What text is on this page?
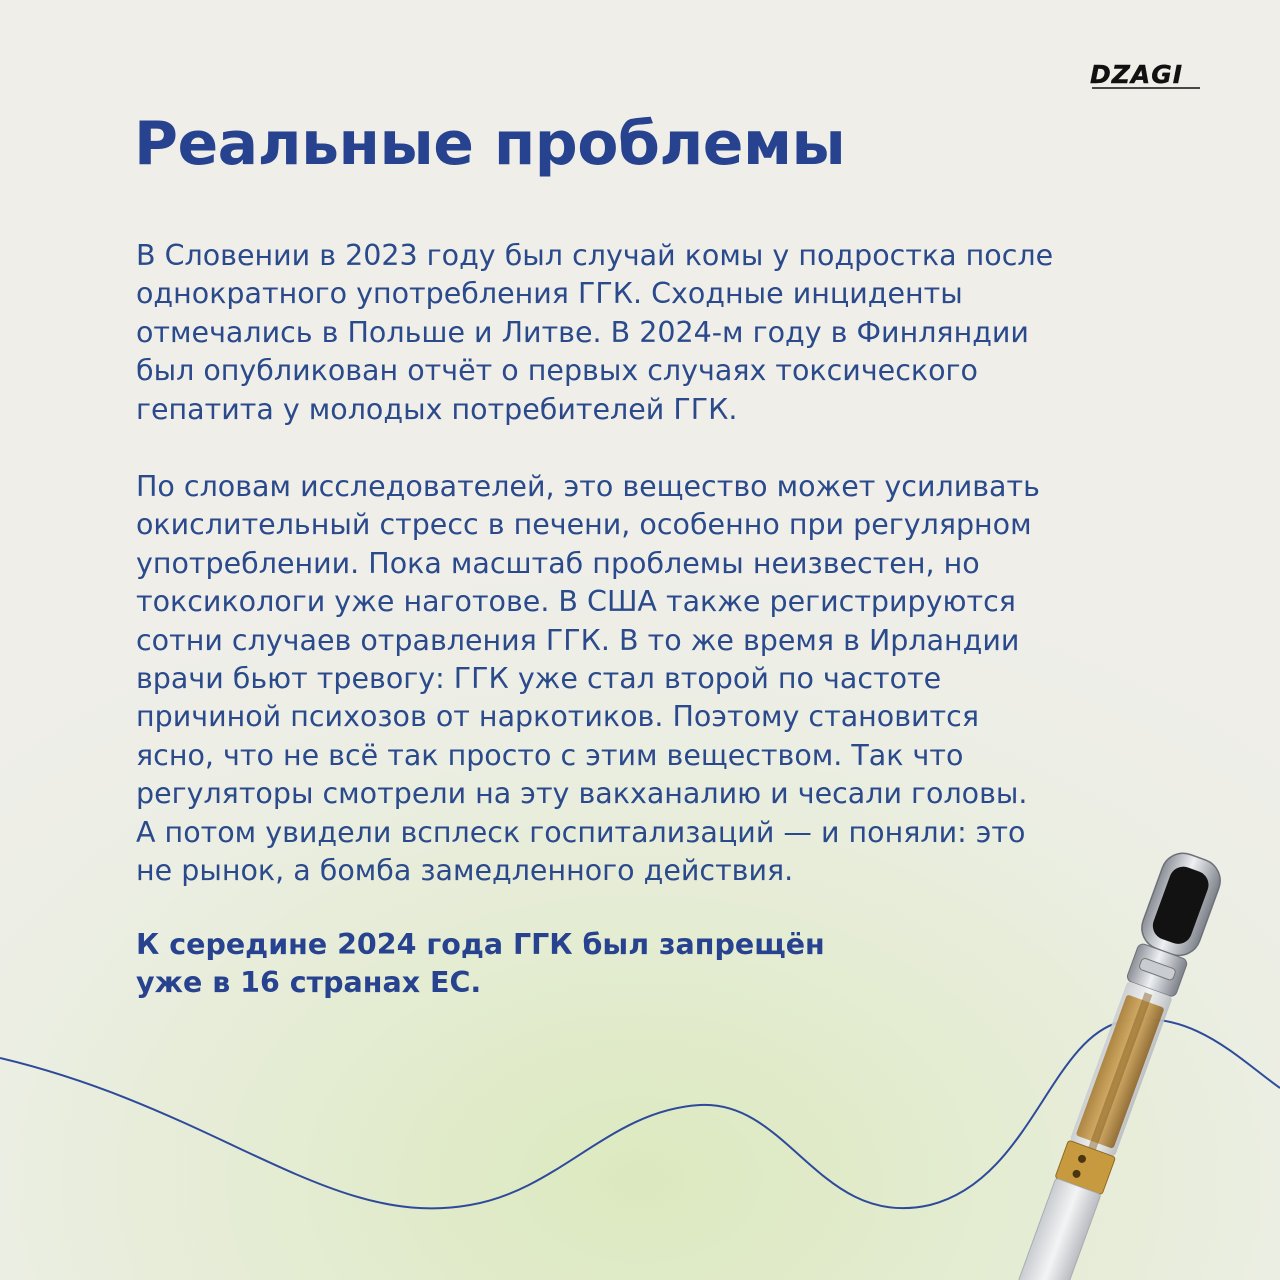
DZAGI
Реальные проблемы

В Словении в 2023 году был случай комы у подростка после
однократного употребления ГГК. Сходные инциденты
отмечались в Польше и Литве. В 2024-м году в Финляндии
был опубликован отчёт о первых случаях токсического
гепатита у молодых потребителей ГГК.

По словам исследователей, это вещество может усиливать
окислительный стресс в печени, особенно при регулярном
употреблении. Пока масштаб проблемы неизвестен, но
токсикологи уже наготове. В США также регистрируются
сотни случаев отравления ГГК. В то же время в Ирландии
врачи бьют тревогу: ГГК уже стал второй по частоте
причиной психозов от наркотиков. Поэтому становится
ясно, что не всё так просто с этим веществом. Так что
регуляторы смотрели на эту вакханалию и чесали головы.
А потом увидели всплеск госпитализаций — и поняли: это
не рынок, а бомба замедленного действия.

К середине 2024 года ГГК был запрещён
уже в 16 странах ЕС.
